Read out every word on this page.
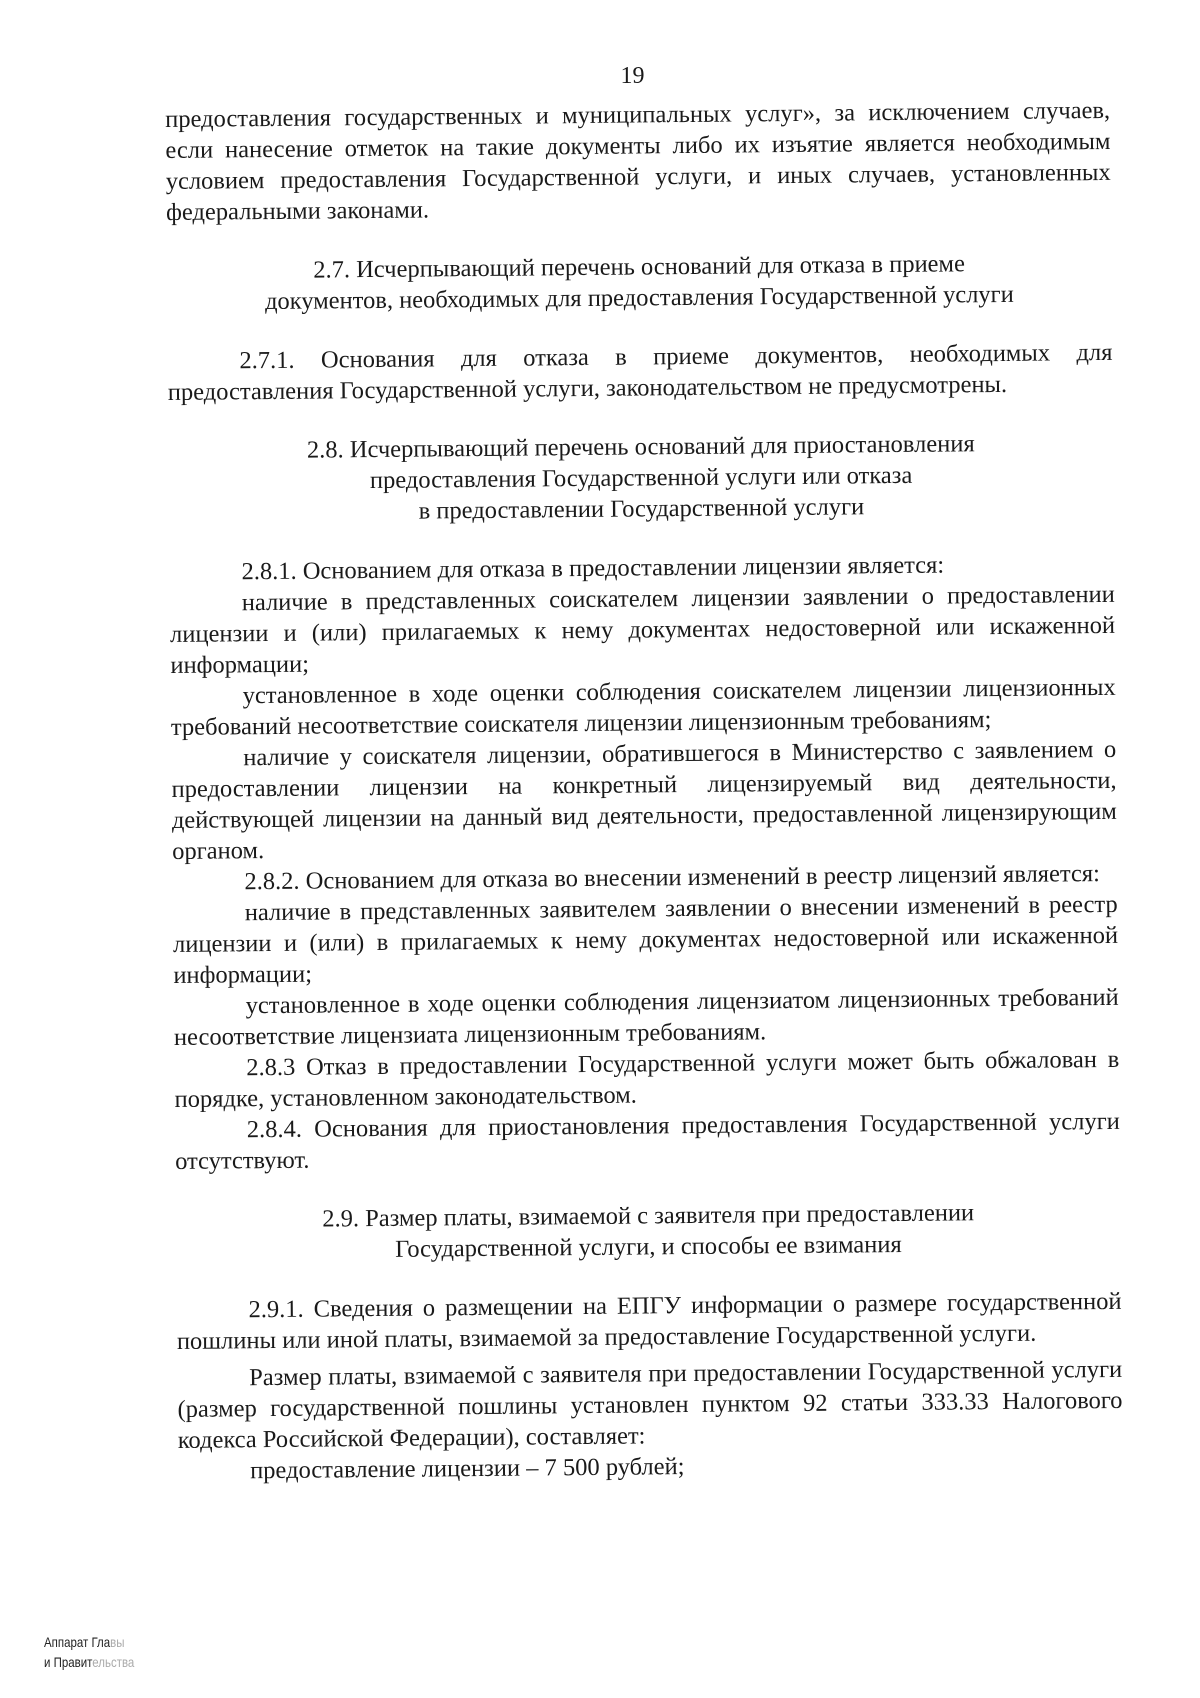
19

предоставления государственных и муниципальных услуг», за исключением случаев, если нанесение отметок на такие документы либо их изъятие является необходимым условием предоставления Государственной услуги, и иных случаев, установленных федеральными законами.

2.7. Исчерпывающий перечень оснований для отказа в приеме
документов, необходимых для предоставления Государственной услуги

2.7.1. Основания для отказа в приеме документов, необходимых для предоставления Государственной услуги, законодательством не предусмотрены.

2.8. Исчерпывающий перечень оснований для приостановления
предоставления Государственной услуги или отказа
в предоставлении Государственной услуги

2.8.1. Основанием для отказа в предоставлении лицензии является:

наличие в представленных соискателем лицензии заявлении о предоставлении лицензии и (или) прилагаемых к нему документах недостоверной или искаженной информации;

установленное в ходе оценки соблюдения соискателем лицензии лицензионных требований несоответствие соискателя лицензии лицензионным требованиям;

наличие у соискателя лицензии, обратившегося в Министерство с заявлением о предоставлении лицензии на конкретный лицензируемый вид деятельности, действующей лицензии на данный вид деятельности, предоставленной лицензирующим органом.

2.8.2. Основанием для отказа во внесении изменений в реестр лицензий является:

наличие в представленных заявителем заявлении о внесении изменений в реестр лицензии и (или) в прилагаемых к нему документах недостоверной или искаженной информации;

установленное в ходе оценки соблюдения лицензиатом лицензионных требований несоответствие лицензиата лицензионным требованиям.

2.8.3 Отказ в предоставлении Государственной услуги может быть обжалован в порядке, установленном законодательством.

2.8.4. Основания для приостановления предоставления Государственной услуги отсутствуют.

2.9. Размер платы, взимаемой с заявителя при предоставлении
Государственной услуги, и способы ее взимания

2.9.1. Сведения о размещении на ЕПГУ информации о размере государственной пошлины или иной платы, взимаемой за предоставление Государственной услуги.

Размер платы, взимаемой с заявителя при предоставлении Государственной услуги (размер государственной пошлины установлен пунктом 92 статьи 333.33 Налогового кодекса Российской Федерации), составляет:

предоставление лицензии – 7 500 рублей;

Аппарат Главы
и Правительства
